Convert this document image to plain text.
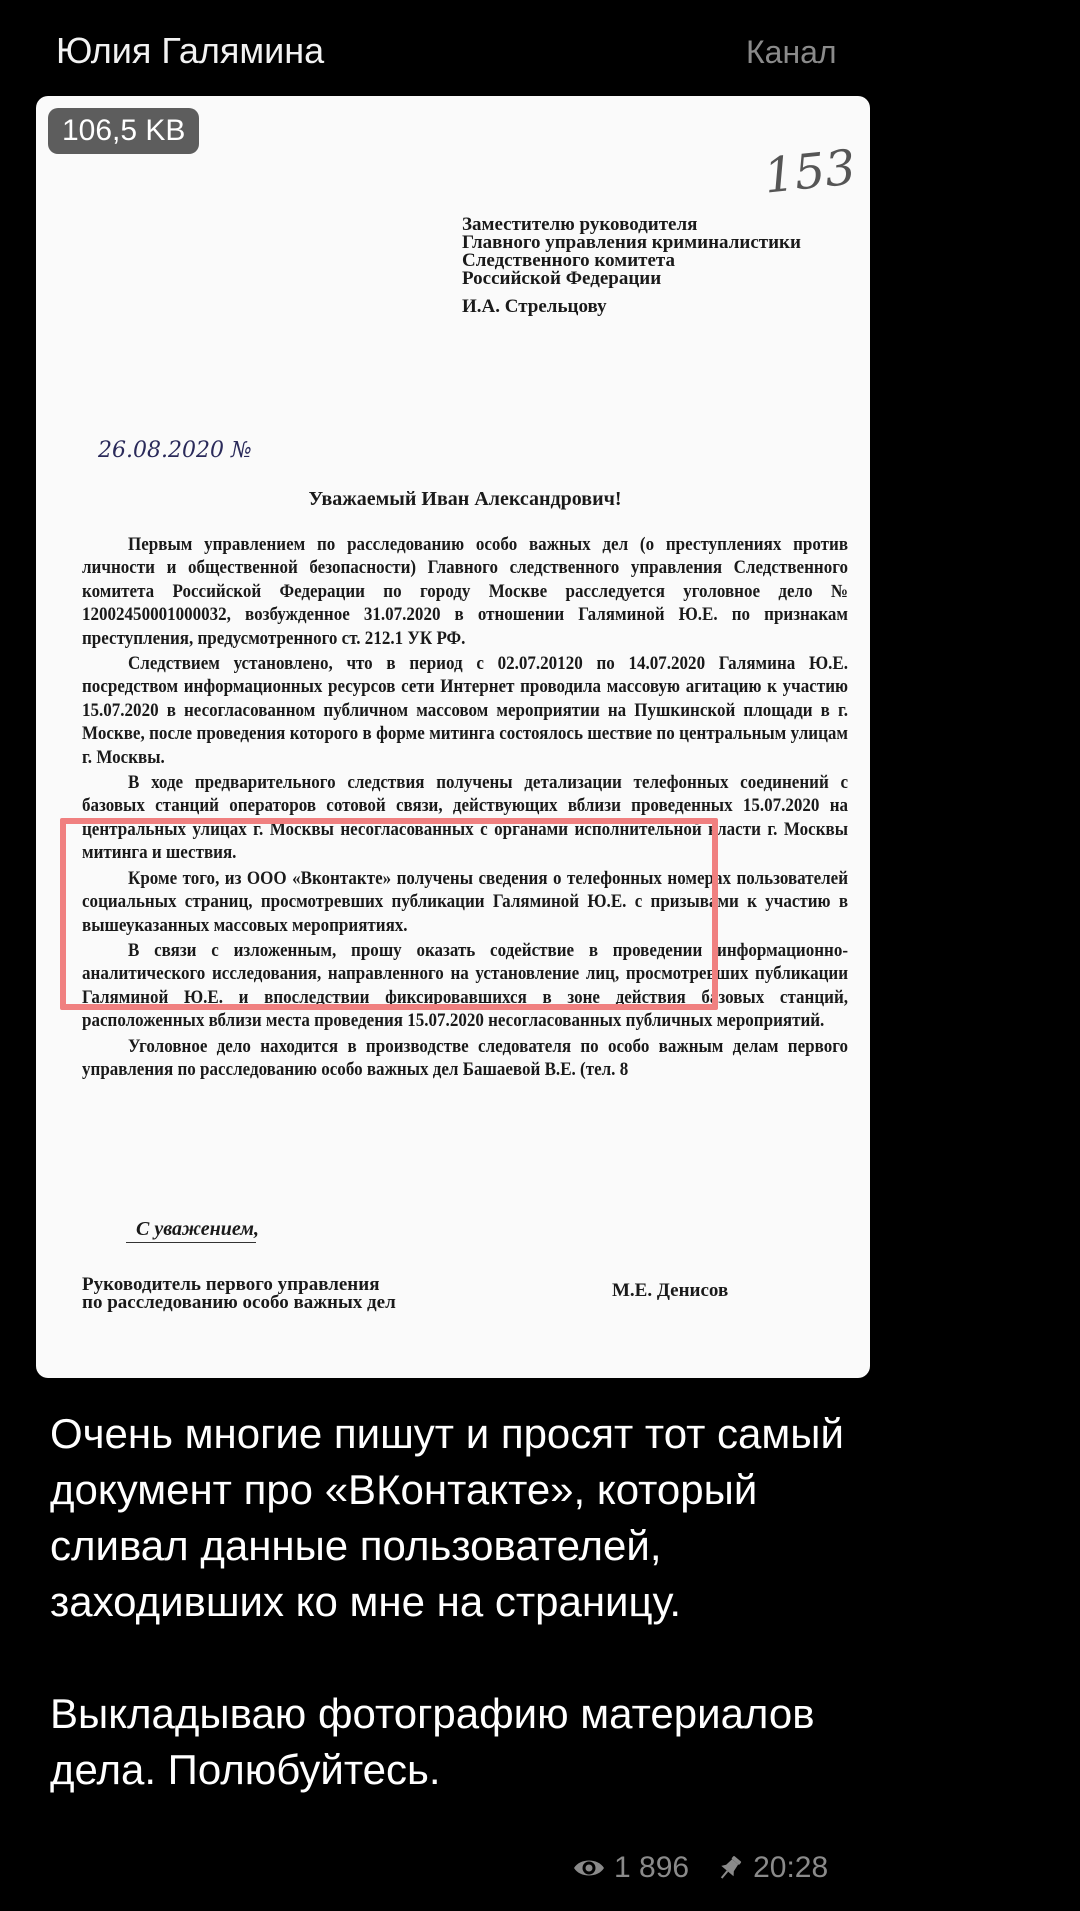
Юлия Галямина	Канал
106,5 KB
153
Заместителю руководителя
Главного управления криминалистики
Следственного комитета
Российской Федерации
И.А. Стрельцову
26.08.2020 №
Уважаемый Иван Александрович!

Первым управлением по расследованию особо важных дел (о преступлениях против личности и общественной безопасности) Главного следственного управления Следственного комитета Российской Федерации по городу Москве расследуется уголовное дело № 12002450001000032, возбужденное 31.07.2020 в отношении Галяминой Ю.Е. по признакам преступления, предусмотренного ст. 212.1 УК РФ.

Следствием установлено, что в период с 02.07.20120 по 14.07.2020 Галямина Ю.Е. посредством информационных ресурсов сети Интернет проводила массовую агитацию к участию 15.07.2020 в несогласованном публичном массовом мероприятии на Пушкинской площади в г. Москве, после проведения которого в форме митинга состоялось шествие по центральным улицам г. Москвы.

В ходе предварительного следствия получены детализации телефонных соединений с базовых станций операторов сотовой связи, действующих вблизи проведенных 15.07.2020 на центральных улицах г. Москвы несогласованных с органами исполнительной власти г. Москвы митинга и шествия.

Кроме того, из ООО «Вконтакте» получены сведения о телефонных номерах пользователей социальных страниц, просмотревших публикации Галяминой Ю.Е. с призывами к участию в вышеуказанных массовых мероприятиях.

В связи с изложенным, прошу оказать содействие в проведении информационно-аналитического исследования, направленного на установление лиц, просмотревших публикации Галяминой Ю.Е. и впоследствии фиксировавшихся в зоне действия базовых станций, расположенных вблизи места проведения 15.07.2020 несогласованных публичных мероприятий.

Уголовное дело находится в производстве следователя по особо важным делам первого управления по расследованию особо важных дел Башаевой В.Е. (тел. 8

С уважением,
Руководитель первого управления
по расследованию особо важных дел
М.Е. Денисов
Очень многие пишут и просят тот самый документ про «ВКонтакте», который сливал данные пользователей, заходивших ко мне на страницу.

Выкладываю фотографию материалов дела. Полюбуйтесь.
1 896 20:28
